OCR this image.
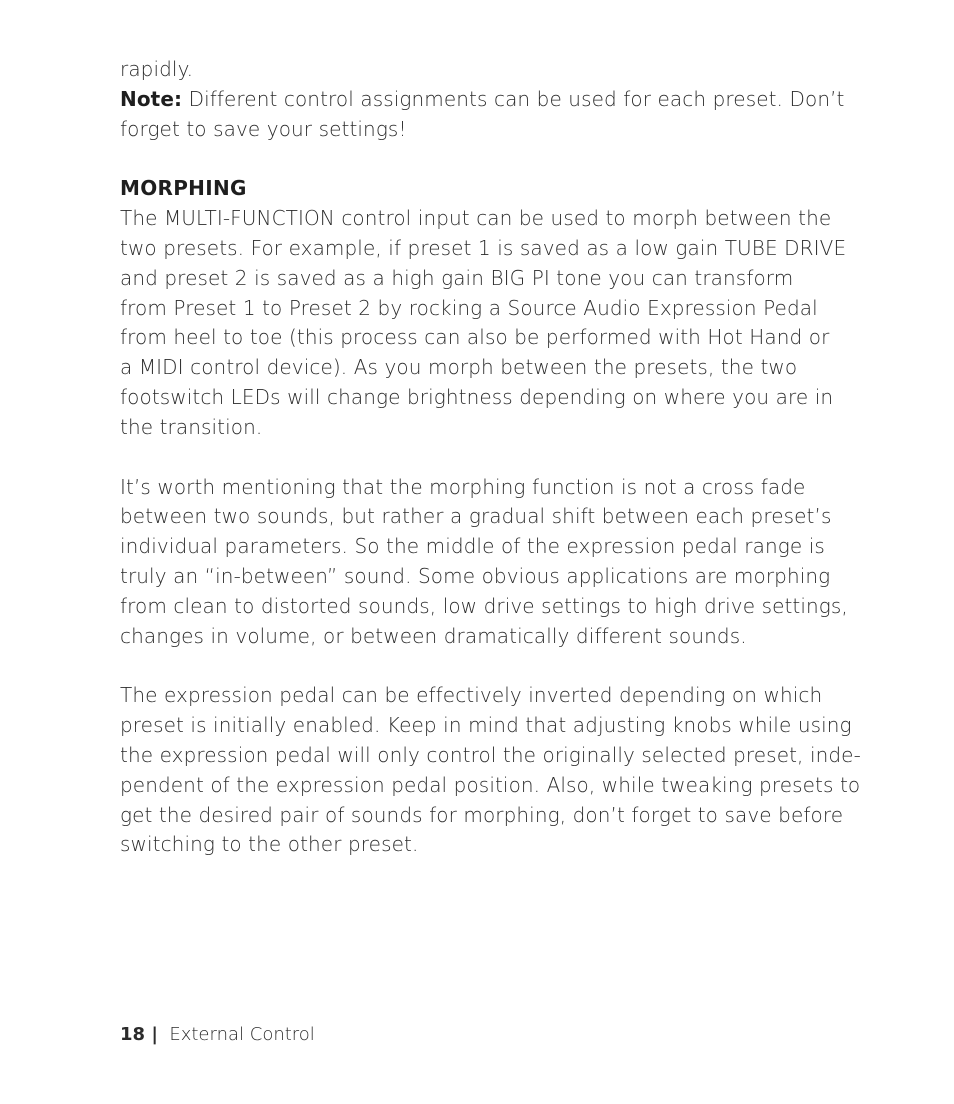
rapidly.
Note: Different control assignments can be used for each preset. Don’t
forget to save your settings!
MORPHING
The MULTI-FUNCTION control input can be used to morph between the
two presets. For example, if preset 1 is saved as a low gain TUBE DRIVE
and preset 2 is saved as a high gain BIG PI tone you can transform
from Preset 1 to Preset 2 by rocking a Source Audio Expression Pedal
from heel to toe (this process can also be performed with Hot Hand or
a MIDI control device). As you morph between the presets, the two
footswitch LEDs will change brightness depending on where you are in
the transition.
It’s worth mentioning that the morphing function is not a cross fade
between two sounds, but rather a gradual shift between each preset’s
individual parameters. So the middle of the expression pedal range is
truly an “in-between” sound. Some obvious applications are morphing
from clean to distorted sounds, low drive settings to high drive settings,
changes in volume, or between dramatically different sounds.
The expression pedal can be effectively inverted depending on which
preset is initially enabled. Keep in mind that adjusting knobs while using
the expression pedal will only control the originally selected preset, inde-
pendent of the expression pedal position. Also, while tweaking presets to
get the desired pair of sounds for morphing, don’t forget to save before
switching to the other preset.
18 | External Control
